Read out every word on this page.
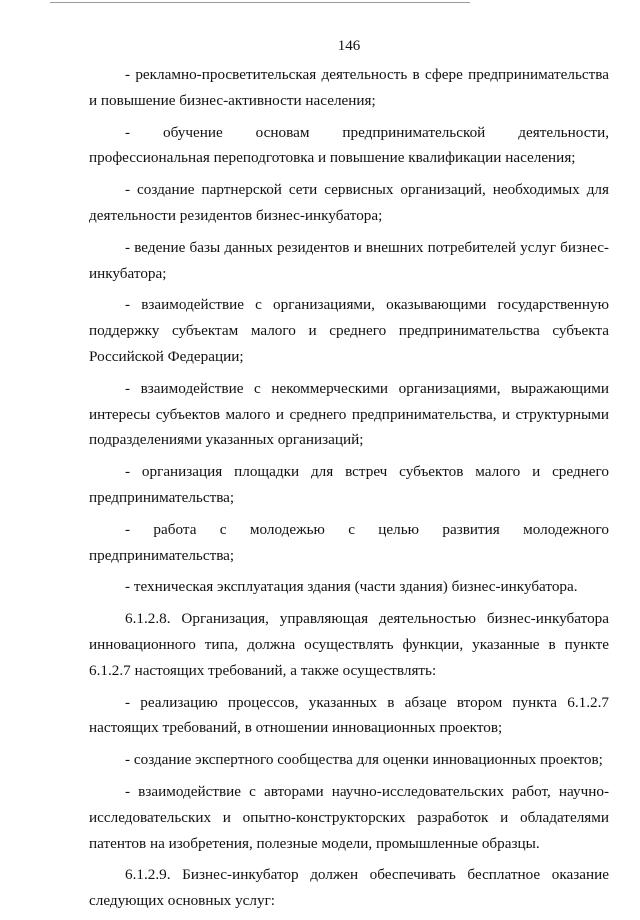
146

- рекламно-просветительская деятельность в сфере предпринимательства и повышение бизнес-активности населения;

- обучение основам предпринимательской деятельности, профессиональная переподготовка и повышение квалификации населения;

- создание партнерской сети сервисных организаций, необходимых для деятельности резидентов бизнес-инкубатора;

- ведение базы данных резидентов и внешних потребителей услуг бизнес-инкубатора;

- взаимодействие с организациями, оказывающими государственную поддержку субъектам малого и среднего предпринимательства субъекта Российской Федерации;

- взаимодействие с некоммерческими организациями, выражающими интересы субъектов малого и среднего предпринимательства, и структурными подразделениями указанных организаций;

- организация площадки для встреч субъектов малого и среднего предпринимательства;

- работа с молодежью с целью развития молодежного предпринимательства;

- техническая эксплуатация здания (части здания) бизнес-инкубатора.

6.1.2.8. Организация, управляющая деятельностью бизнес-инкубатора инновационного типа, должна осуществлять функции, указанные в пункте 6.1.2.7 настоящих требований, а также осуществлять:

- реализацию процессов, указанных в абзаце втором пункта 6.1.2.7 настоящих требований, в отношении инновационных проектов;

- создание экспертного сообщества для оценки инновационных проектов;

- взаимодействие с авторами научно-исследовательских работ, научно-исследовательских и опытно-конструкторских разработок и обладателями патентов на изобретения, полезные модели, промышленные образцы.

6.1.2.9. Бизнес-инкубатор должен обеспечивать бесплатное оказание следующих основных услуг:
